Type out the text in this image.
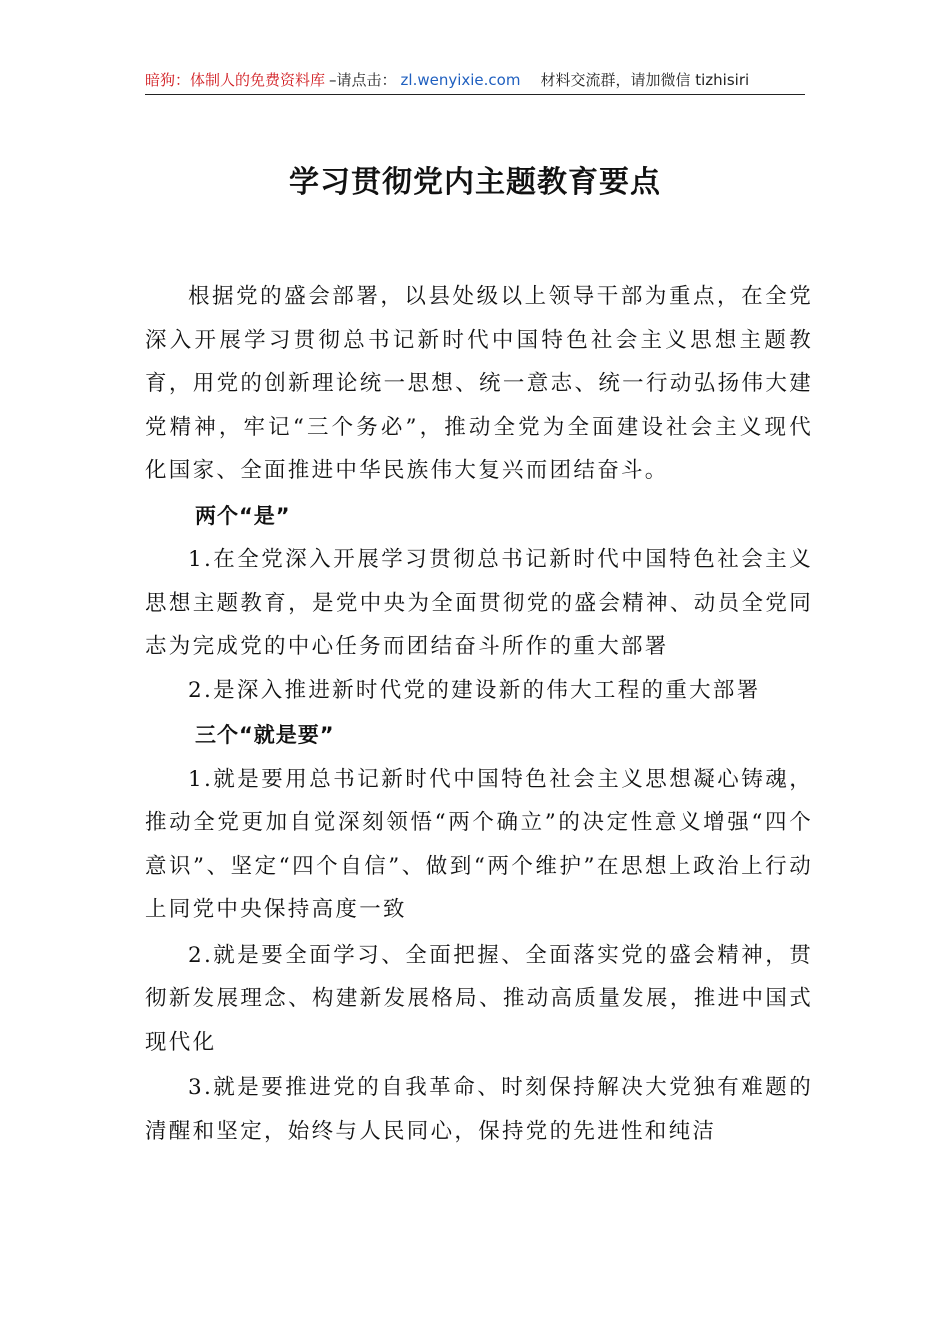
暗狗：体制人的免费资料库 –请点击： zl.wenyixie.com 材料交流群，请加微信 tizhisiri
学习贯彻党内主题教育要点

根据党的盛会部署，以县处级以上领导干部为重点，在全党深入开展学习贯彻总书记新时代中国特色社会主义思想主题教育，用党的创新理论统一思想、统一意志、统一行动弘扬伟大建党精神，牢记“三个务必”，推动全党为全面建设社会主义现代化国家、全面推进中华民族伟大复兴而团结奋斗。

两个“是”

1.在全党深入开展学习贯彻总书记新时代中国特色社会主义思想主题教育，是党中央为全面贯彻党的盛会精神、动员全党同志为完成党的中心任务而团结奋斗所作的重大部署

2.是深入推进新时代党的建设新的伟大工程的重大部署

三个“就是要”

1.就是要用总书记新时代中国特色社会主义思想凝心铸魂，推动全党更加自觉深刻领悟“两个确立”的决定性意义增强“四个意识”、坚定“四个自信”、做到“两个维护”在思想上政治上行动上同党中央保持高度一致

2.就是要全面学习、全面把握、全面落实党的盛会精神，贯彻新发展理念、构建新发展格局、推动高质量发展，推进中国式现代化

3.就是要推进党的自我革命、时刻保持解决大党独有难题的清醒和坚定，始终与人民同心，保持党的先进性和纯洁
